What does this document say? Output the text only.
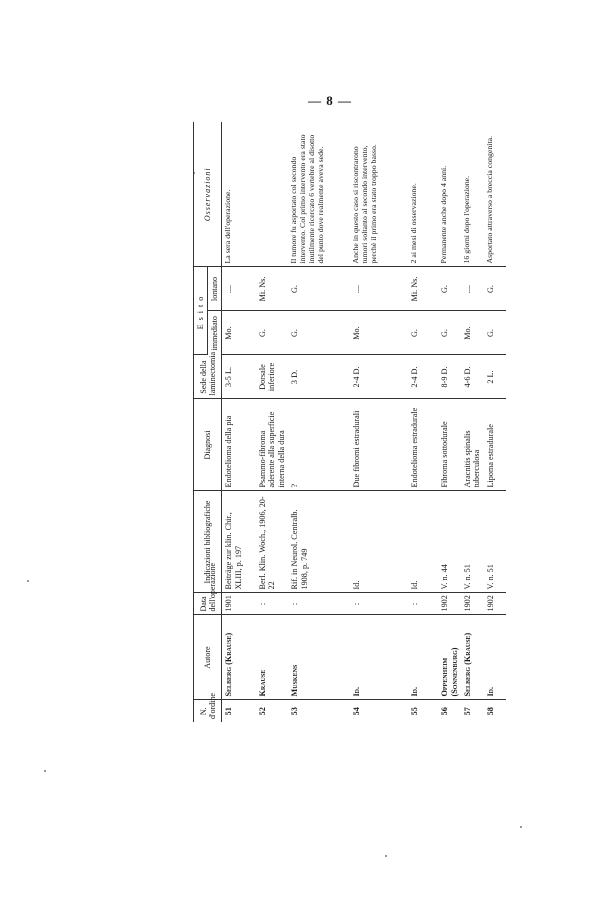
— 8 —
N. d'ordine	Autore	Data dell'operazione	Indicazioni bibliografiche	Diagnosi	Sede della laminectomia	Esito		Osservazioni
						immediato	lontano	
51	Selberg (Krause)	1901	Beiträge zur klin. Chir., XLIII, p. 197	Endotelioma della pia	3-5 L.	Mo.	....	La sera dell'operazione.
52	Krause	:	Berl. Klin. Woch., 1906, 20-22	Psammo-fibroma aderente alla superficie interna della dura	Dorsale inferiore	G.	Mi. Ns.	
53	Muskens	:	Rif. in Neurol. Centralb. 1908, p. 749	?	3 D.	G.	G.	Il tumore fu asportato col secondo intervento. Col primo intervento era stato inutilmente ricercato 6 vertebre al disotto del punto dove realmente aveva sede.
54	Id.	:	Id.	Due fibromi estradurali	2-4 D.	Mo.	....	Anche in questo caso si riscontrarono tumori soltanto al secondo intervento, perchè il primo era stato troppo basso.
55	Id.	:	Id.	Endotelioma estradurale	2-4 D.	G.	Mi. Ns.	2 ai mesi di osservazione.
56	Oppenheim (Sonnenburg)	1902	V. n. 44	Fibroma sottodurale	8-9 D.	G.	G.	Permanente anche dopo 4 anni.
57	Selberg (Krause)	1902	V. n. 51	Aracnitis spinalis tuberculosa	4-6 D.	Mo.	....	16 giorni dopo l'operazione.
58	Id.	1902	V. n. 51	Lipoma estradurale	2 L.	G.	G.	Asportato attraverso a breccia congenita.
